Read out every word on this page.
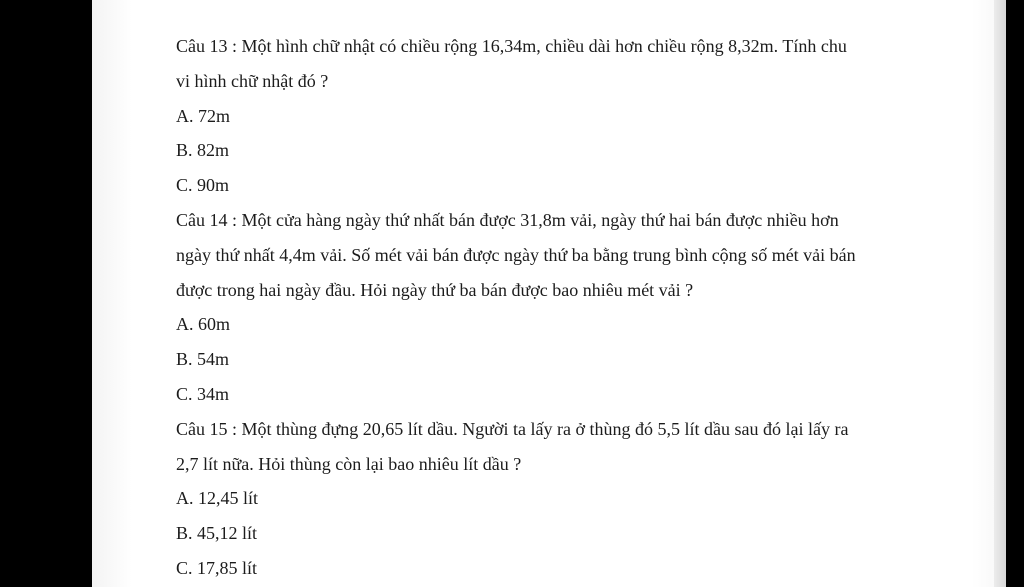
Câu 13 : Một hình chữ nhật có chiều rộng 16,34m, chiều dài hơn chiều rộng 8,32m. Tính chu
vi hình chữ nhật đó ?
A. 72m
B. 82m
C. 90m
Câu 14 : Một cửa hàng ngày thứ nhất bán được 31,8m vải, ngày thứ hai bán được nhiều hơn
ngày thứ nhất 4,4m vải. Số mét vải bán được ngày thứ ba bằng trung bình cộng số mét vải bán
được trong hai ngày đầu. Hỏi ngày thứ ba bán được bao nhiêu mét vải ?
A. 60m
B. 54m
C. 34m
Câu 15 : Một thùng đựng 20,65 lít dầu. Người ta lấy ra ở thùng đó 5,5 lít dầu sau đó lại lấy ra
2,7 lít nữa. Hỏi thùng còn lại bao nhiêu lít dầu ?
A. 12,45 lít
B. 45,12 lít
C. 17,85 lít
